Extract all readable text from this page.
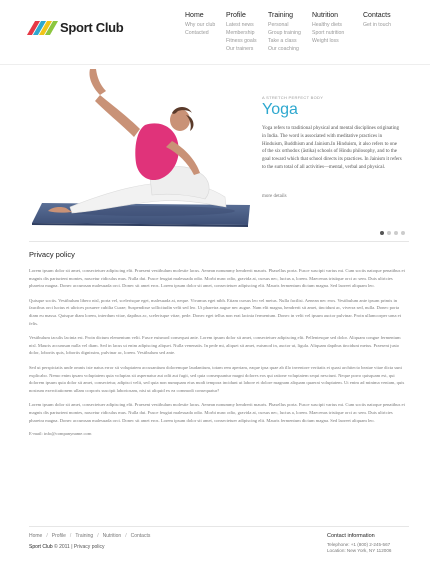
Sport Club
Home
Why our club
Contacted
Profile
Latest news
Membership
Fitness goals
Our trainers
Training
Personal
Group training
Take a class
Our coaching
Nutrition
Healthy diets
Sport nutrition
Weight loss
Contacts
Get in touch
A STRETCH PERFECT BODY
Yoga
Yoga refers to traditional physical and mental disciplines originating in India. The word is associated with meditative practices in Hinduism, Buddhism and Jainism.In Hinduism, it also refers to one of the six orthodox (āstika) schools of Hindu philosophy, and to the goal toward which that school directs its practices. In Jainism it refers to the sum total of all activities—mental, verbal and physical.
more details
Privacy policy

Lorem ipsum dolor sit amet, consectetuer adipiscing elit. Praesent vestibulum molestie lacus. Aenean nonummy hendrerit mauris. Phasellus porta. Fusce suscipit varius mi. Cum sociis natoque penatibus et magnis dis parturient montes, nascetur ridiculus mus. Nulla dui. Fusce feugiat malesuada odio. Morbi nunc odio, gravida at, cursus nec, luctus a, lorem. Maecenas tristique orci ac sem. Duis ultricies pharetra magna. Donec accumsan malesuada orci. Donec sit amet eros. Lorem ipsum dolor sit amet, consectetuer adipiscing elit. Mauris fermentum dictum magna. Sed laoreet aliquam leo.

Quisque sociis. Vestibulum libero nisl, porta vel, scelerisque eget, malesuada at, neque. Vivamus eget nibh. Etiam cursus leo vel metus. Nulla facilisi. Aenean nec eros. Vestibulum ante ipsum primis in faucibus orci luctus et ultrices posuere cubilia Curae; Suspendisse sollicitudin velit sed leo. Ut pharetra augue nec augue. Nam elit magna, hendrerit sit amet, tincidunt ac, viverra sed, nulla. Donec porta diam eu massa. Quisque diam lorem, interdum vitae, dapibus ac, scelerisque vitae, pede. Donec eget tellus non erat lacinia fermentum. Donec in velit vel ipsum auctor pulvinar. Proin ullamcorper urna et felis.

Vestibulum iaculis lacinia est. Proin dictum elementum velit. Fusce euismod consequat ante. Lorem ipsum dolor sit amet, consectetuer adipiscing elit. Pellentesque sed dolor. Aliquam congue fermentum nisl. Mauris accumsan nulla vel diam. Sed in lacus ut enim adipiscing aliquet. Nulla venenatis. In pede mi, aliquet sit amet, euismod in, auctor ut, ligula. Aliquam dapibus tincidunt metus. Praesent justo dolor, lobortis quis, lobortis dignissim, pulvinar ac, lorem. Vestibulum sed ante.

Sed ut perspiciatis unde omnis iste natus error sit voluptatem accusantium doloremque laudantium, totam rem aperiam, eaque ipsa quae ab illo inventore veritatis et quasi architecto beatae vitae dicta sunt explicabo. Nemo enim ipsam voluptatem quia voluptas sit aspernatur aut odit aut fugit, sed quia consequuntur magni dolores eos qui ratione voluptatem sequi nesciunt. Neque porro quisquam est, qui dolorem ipsum quia dolor sit amet, consectetur, adipisci velit, sed quia non numquam eius modi tempora incidunt ut labore et dolore magnam aliquam quaerat voluptatem. Ut enim ad minima veniam, quis nostrum exercitationem ullam corporis suscipit laboriosam, nisi ut aliquid ex ea commodi consequatur?

Lorem ipsum dolor sit amet, consectetuer adipiscing elit. Praesent vestibulum molestie lacus. Aenean nonummy hendrerit mauris. Phasellus porta. Fusce suscipit varius mi. Cum sociis natoque penatibus et magnis dis parturient montes, nascetur ridiculus mus. Nulla dui. Fusce feugiat malesuada odio. Morbi nunc odio, gravida at, cursus nec, luctus a, lorem. Maecenas tristique orci ac sem. Duis ultricies pharetra magna. Donec accumsan malesuada orci. Donec sit amet eros. Lorem ipsum dolor sit amet, consectetuer adipiscing elit. Mauris fermentum dictum magna. Sed laoreet aliquam leo.

E-mail: info@companyname.com
Home / Profile / Training / Nutrition / Contacts
Sport Club © 2011 | Privacy policy
Contact information
Telephone: +1 (800) 2-245-567
Location: New York, NY 112006
